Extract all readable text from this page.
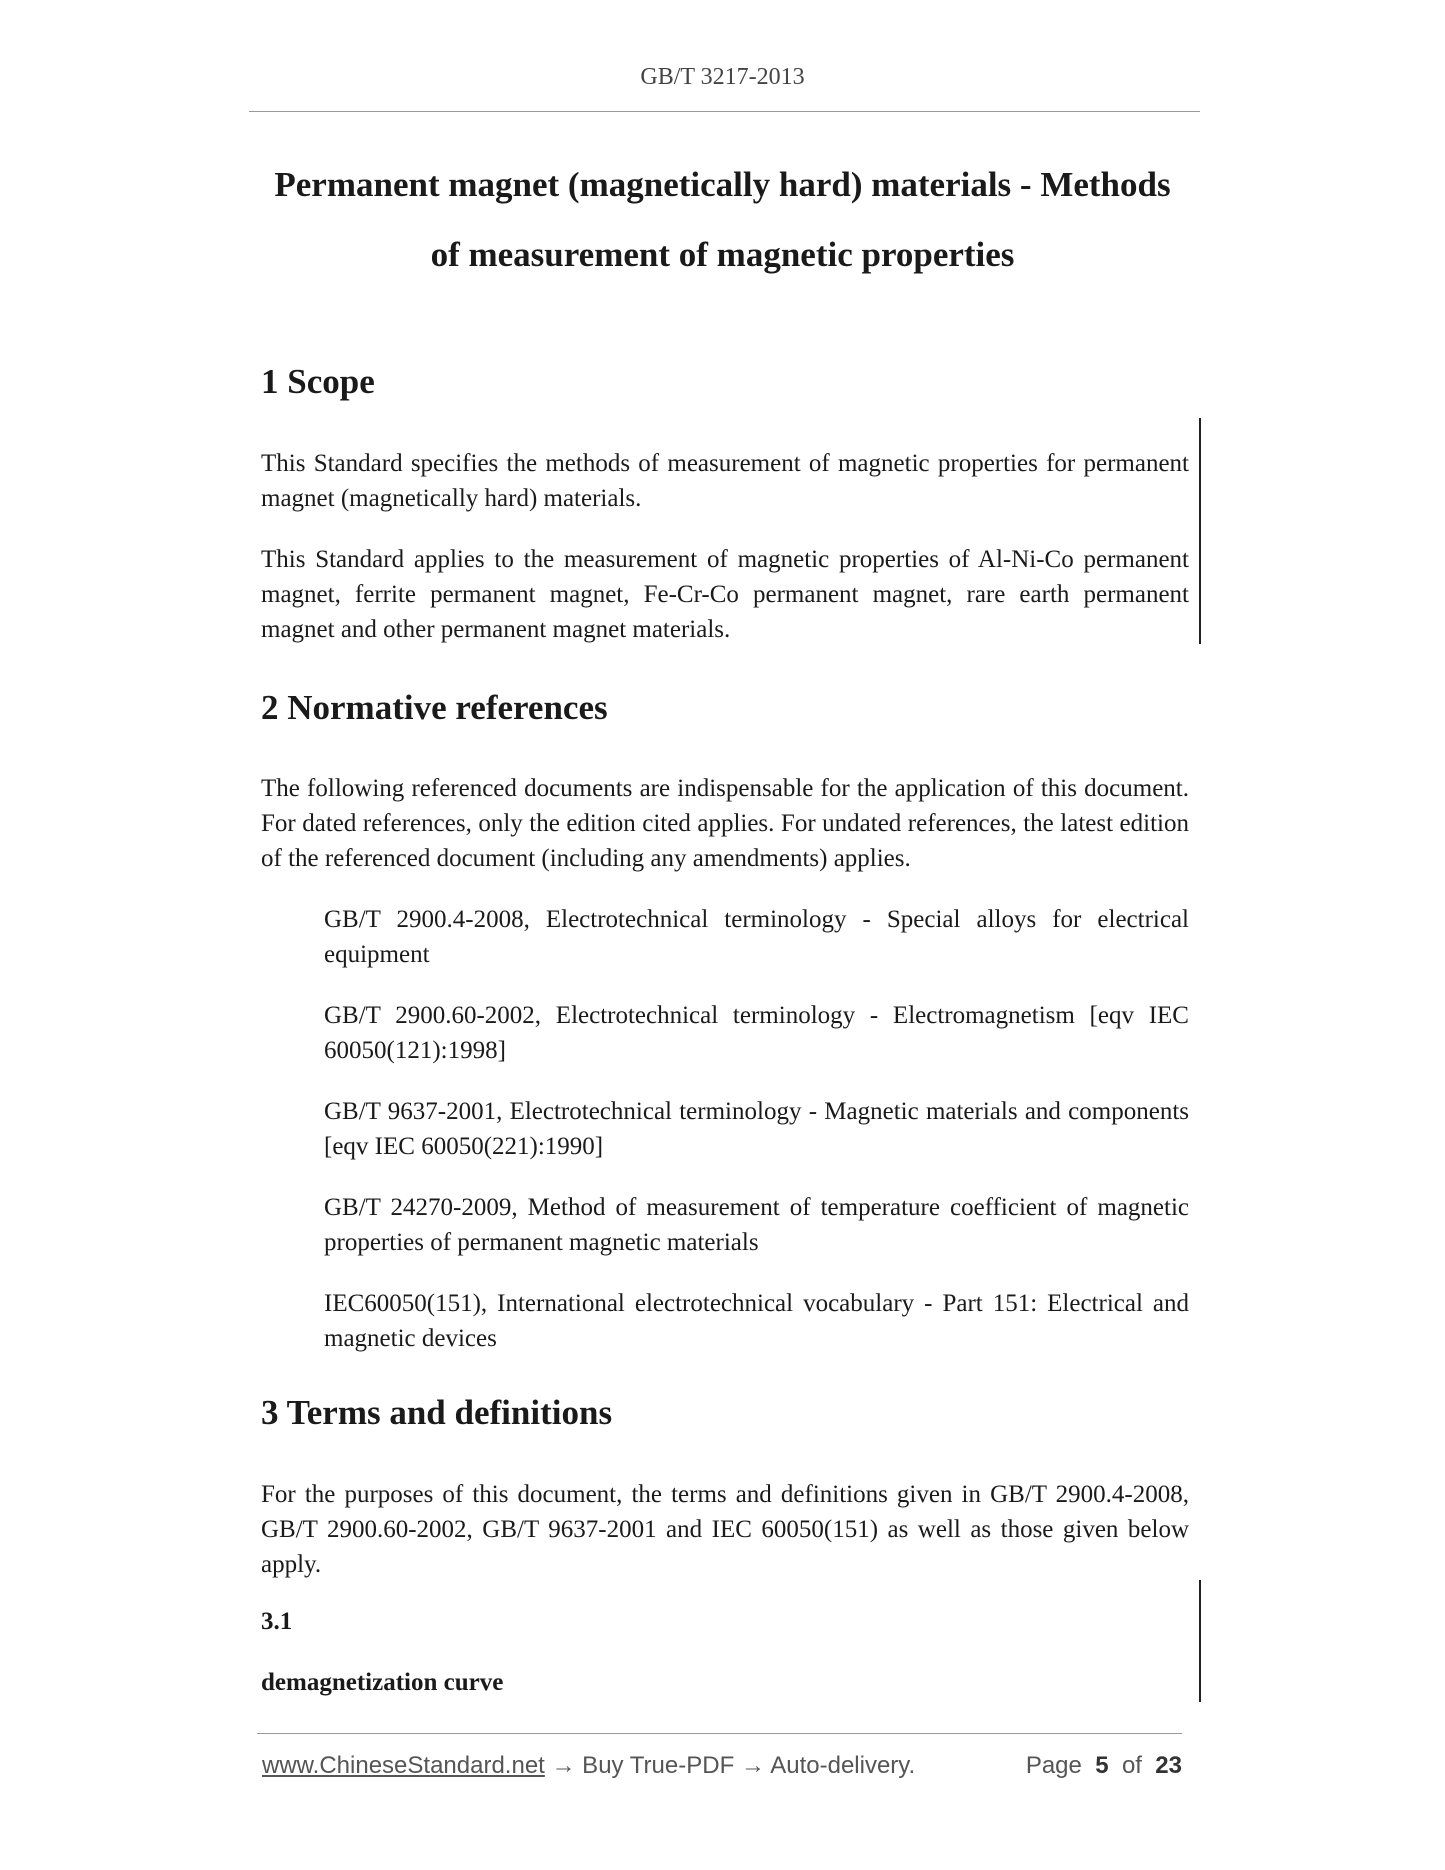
GB/T 3217-2013
Permanent magnet (magnetically hard) materials - Methods
of measurement of magnetic properties
1 Scope

This Standard specifies the methods of measurement of magnetic properties for permanent magnet (magnetically hard) materials.

This Standard applies to the measurement of magnetic properties of Al-Ni-Co permanent magnet, ferrite permanent magnet, Fe-Cr-Co permanent magnet, rare earth permanent magnet and other permanent magnet materials.

2 Normative references

The following referenced documents are indispensable for the application of this document. For dated references, only the edition cited applies. For undated references, the latest edition of the referenced document (including any amendments) applies.

GB/T 2900.4-2008, Electrotechnical terminology - Special alloys for electrical equipment

GB/T 2900.60-2002, Electrotechnical terminology - Electromagnetism [eqv IEC 60050(121):1998]

GB/T 9637-2001, Electrotechnical terminology - Magnetic materials and components [eqv IEC 60050(221):1990]

GB/T 24270-2009, Method of measurement of temperature coefficient of magnetic properties of permanent magnetic materials

IEC60050(151), International electrotechnical vocabulary - Part 151: Electrical and magnetic devices

3 Terms and definitions

For the purposes of this document, the terms and definitions given in GB/T 2900.4-2008, GB/T 2900.60-2002, GB/T 9637-2001 and IEC 60050(151) as well as those given below apply.

3.1

demagnetization curve

www.ChineseStandard.net → Buy True-PDF → Auto-delivery.	Page 5 of 23
